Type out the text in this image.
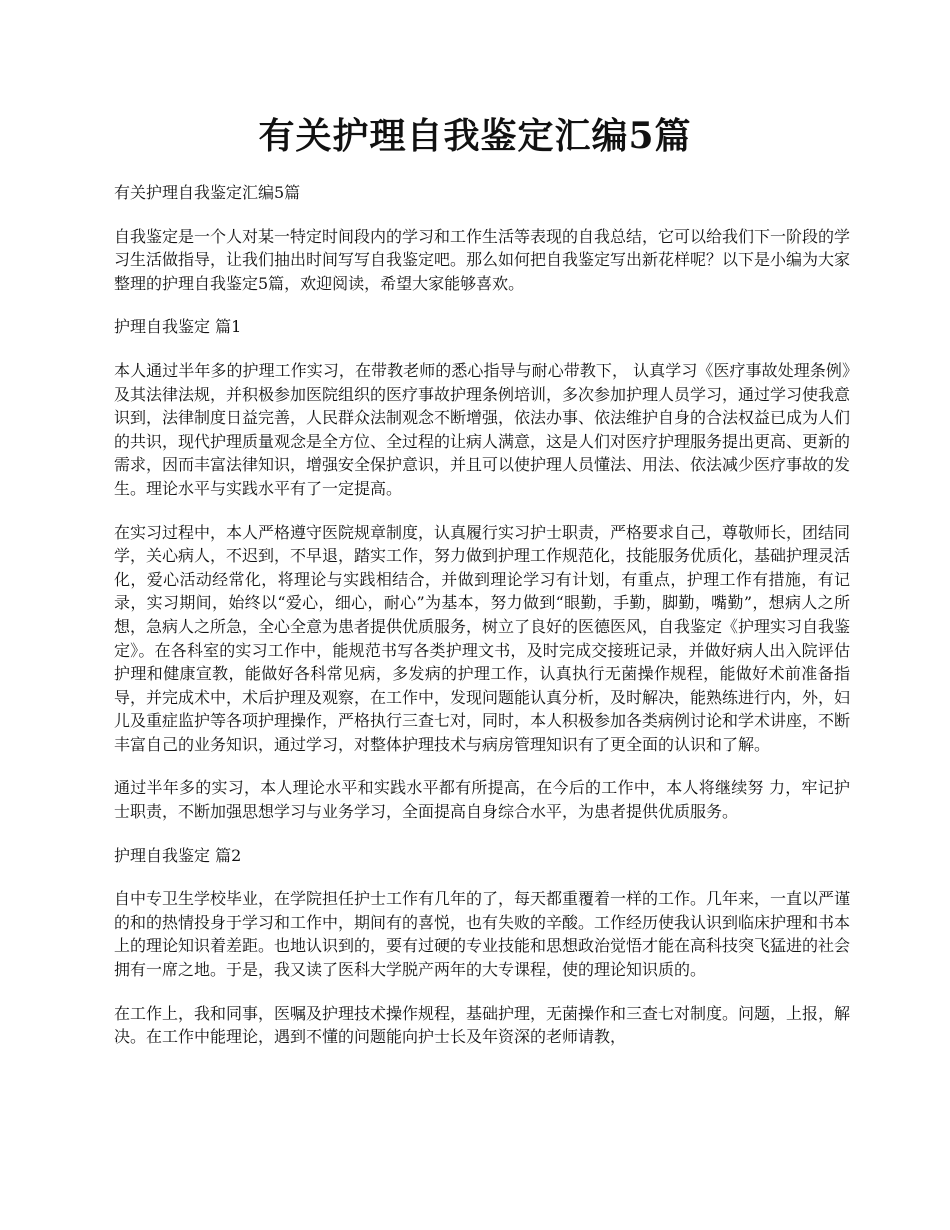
有关护理自我鉴定汇编5篇

有关护理自我鉴定汇编5篇

自我鉴定是一个人对某一特定时间段内的学习和工作生活等表现的自我总结，它可以给我们下一阶段的学习生活做指导，让我们抽出时间写写自我鉴定吧。那么如何把自我鉴定写出新花样呢？以下是小编为大家整理的护理自我鉴定5篇，欢迎阅读，希望大家能够喜欢。

护理自我鉴定 篇1

本人通过半年多的护理工作实习，在带教老师的悉心指导与耐心带教下， 认真学习《医疗事故处理条例》及其法律法规，并积极参加医院组织的医疗事故护理条例培训，多次参加护理人员学习，通过学习使我意识到，法律制度日益完善，人民群众法制观念不断增强，依法办事、依法维护自身的合法权益已成为人们的共识，现代护理质量观念是全方位、全过程的让病人满意，这是人们对医疗护理服务提出更高、更新的需求，因而丰富法律知识，增强安全保护意识，并且可以使护理人员懂法、用法、依法减少医疗事故的发生。理论水平与实践水平有了一定提高。

在实习过程中，本人严格遵守医院规章制度，认真履行实习护士职责，严格要求自己，尊敬师长，团结同学，关心病人，不迟到，不早退，踏实工作，努力做到护理工作规范化，技能服务优质化，基础护理灵活化，爱心活动经常化，将理论与实践相结合，并做到理论学习有计划，有重点，护理工作有措施，有记录，实习期间，始终以“爱心，细心，耐心”为基本，努力做到“眼勤，手勤，脚勤，嘴勤”，想病人之所想，急病人之所急，全心全意为患者提供优质服务，树立了良好的医德医风，自我鉴定《护理实习自我鉴定》。在各科室的实习工作中，能规范书写各类护理文书，及时完成交接班记录，并做好病人出入院评估护理和健康宣教，能做好各科常见病，多发病的护理工作，认真执行无菌操作规程，能做好术前准备指导，并完成术中，术后护理及观察，在工作中，发现问题能认真分析，及时解决，能熟练进行内，外，妇儿及重症监护等各项护理操作，严格执行三查七对，同时，本人积极参加各类病例讨论和学术讲座，不断丰富自己的业务知识，通过学习，对整体护理技术与病房管理知识有了更全面的认识和了解。

通过半年多的实习，本人理论水平和实践水平都有所提高，在今后的工作中，本人将继续努 力，牢记护士职责，不断加强思想学习与业务学习，全面提高自身综合水平，为患者提供优质服务。

护理自我鉴定 篇2

自中专卫生学校毕业，在学院担任护士工作有几年的了，每天都重覆着一样的工作。几年来，一直以严谨的和的热情投身于学习和工作中，期间有的喜悦，也有失败的辛酸。工作经历使我认识到临床护理和书本上的理论知识着差距。也地认识到的，要有过硬的专业技能和思想政治觉悟才能在高科技突飞猛进的社会拥有一席之地。于是，我又读了医科大学脱产两年的大专课程，使的理论知识质的。

在工作上，我和同事，医嘱及护理技术操作规程，基础护理，无菌操作和三查七对制度。问题，上报，解决。在工作中能理论，遇到不懂的问题能向护士长及年资深的老师请教，
